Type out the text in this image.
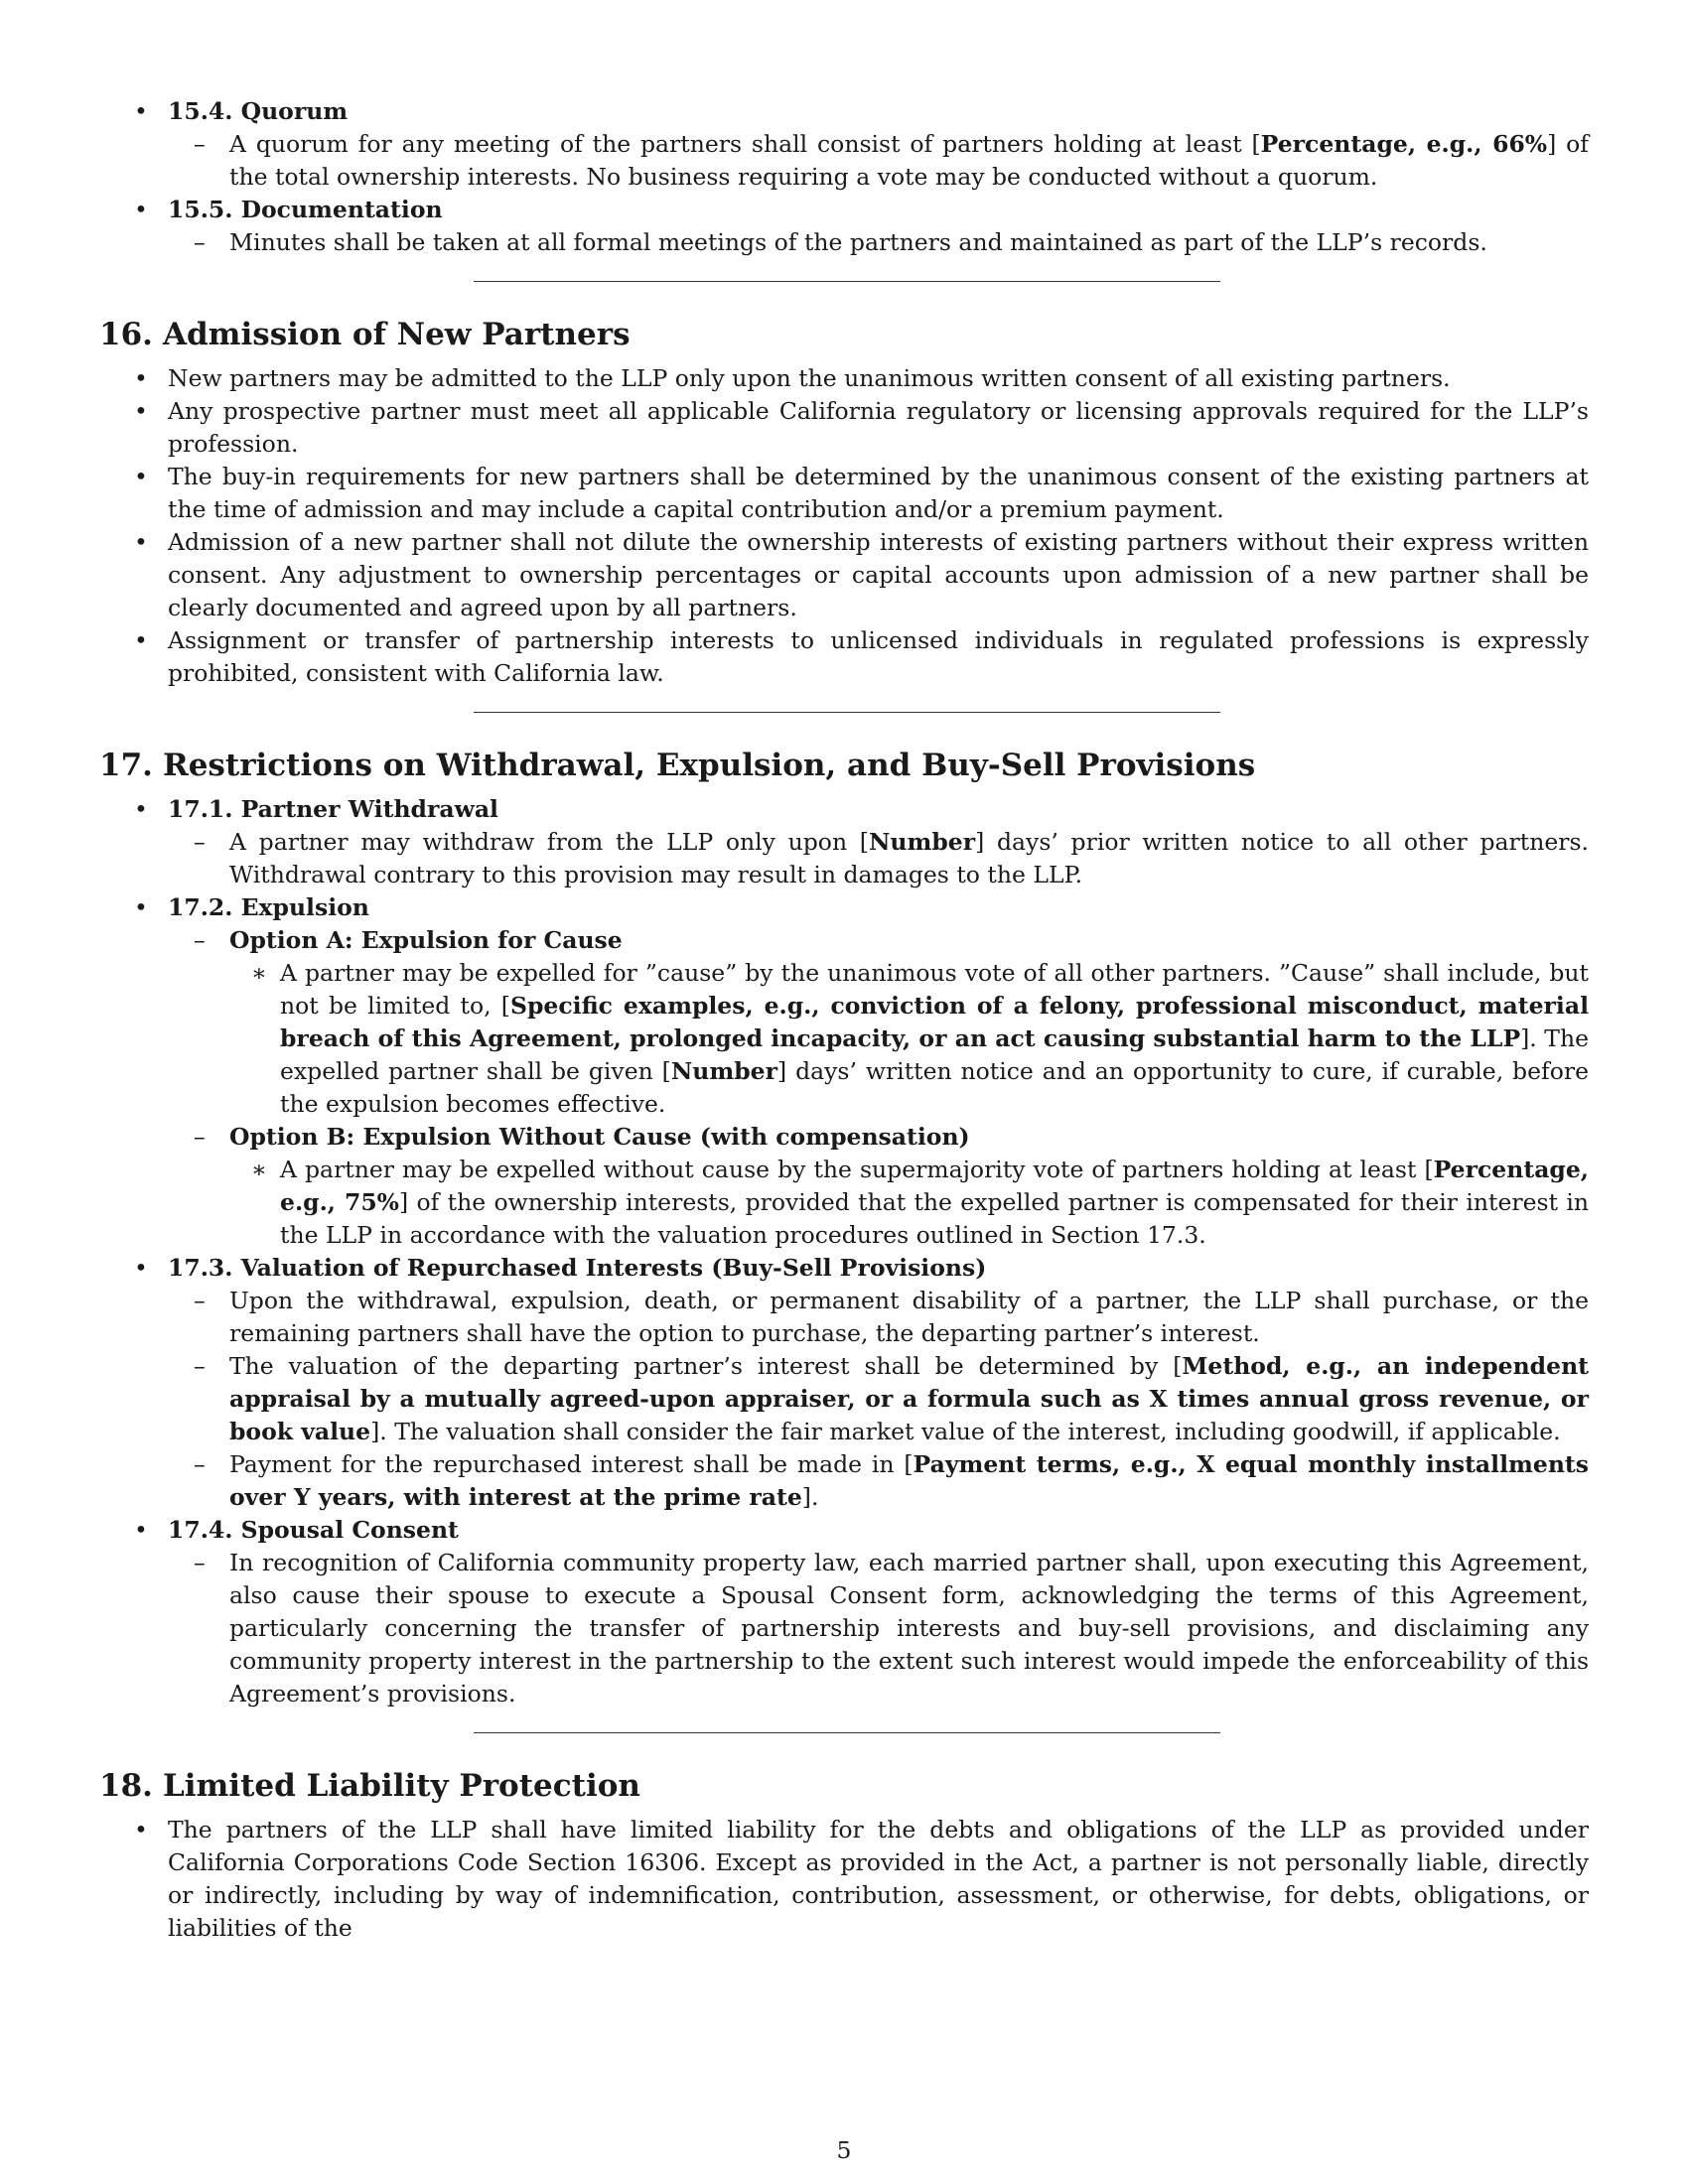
• 15.4. Quorum
– A quorum for any meeting of the partners shall consist of partners holding at least [Percentage, e.g., 66%] of the total ownership interests. No business requiring a vote may be conducted without a quorum.
• 15.5. Documentation
– Minutes shall be taken at all formal meetings of the partners and maintained as part of the LLP’s records.
16. Admission of New Partners
• New partners may be admitted to the LLP only upon the unanimous written consent of all existing partners.
• Any prospective partner must meet all applicable California regulatory or licensing approvals required for the LLP’s profession.
• The buy-in requirements for new partners shall be determined by the unanimous consent of the existing partners at the time of admission and may include a capital contribution and/or a premium payment.
• Admission of a new partner shall not dilute the ownership interests of existing partners without their express written consent. Any adjustment to ownership percentages or capital accounts upon admission of a new partner shall be clearly documented and agreed upon by all partners.
• Assignment or transfer of partnership interests to unlicensed individuals in regulated professions is expressly prohibited, consistent with California law.
17. Restrictions on Withdrawal, Expulsion, and Buy-Sell Provisions
• 17.1. Partner Withdrawal
– A partner may withdraw from the LLP only upon [Number] days’ prior written notice to all other partners. Withdrawal contrary to this provision may result in damages to the LLP.
• 17.2. Expulsion
– Option A: Expulsion for Cause
∗ A partner may be expelled for ”cause” by the unanimous vote of all other partners. ”Cause” shall include, but not be limited to, [Specific examples, e.g., conviction of a felony, professional misconduct, material breach of this Agreement, prolonged incapacity, or an act causing substantial harm to the LLP]. The expelled partner shall be given [Number] days’ written notice and an opportunity to cure, if curable, before the expulsion becomes effective.
– Option B: Expulsion Without Cause (with compensation)
∗ A partner may be expelled without cause by the supermajority vote of partners holding at least [Percentage, e.g., 75%] of the ownership interests, provided that the expelled partner is compensated for their interest in the LLP in accordance with the valuation procedures outlined in Section 17.3.
• 17.3. Valuation of Repurchased Interests (Buy-Sell Provisions)
– Upon the withdrawal, expulsion, death, or permanent disability of a partner, the LLP shall purchase, or the remaining partners shall have the option to purchase, the departing partner’s interest.
– The valuation of the departing partner’s interest shall be determined by [Method, e.g., an independent appraisal by a mutually agreed-upon appraiser, or a formula such as X times annual gross revenue, or book value]. The valuation shall consider the fair market value of the interest, including goodwill, if applicable.
– Payment for the repurchased interest shall be made in [Payment terms, e.g., X equal monthly installments over Y years, with interest at the prime rate].
• 17.4. Spousal Consent
– In recognition of California community property law, each married partner shall, upon executing this Agreement, also cause their spouse to execute a Spousal Consent form, acknowledging the terms of this Agreement, particularly concerning the transfer of partnership interests and buy-sell provisions, and disclaiming any community property interest in the partnership to the extent such interest would impede the enforceability of this Agreement’s provisions.
18. Limited Liability Protection
• The partners of the LLP shall have limited liability for the debts and obligations of the LLP as provided under California Corporations Code Section 16306. Except as provided in the Act, a partner is not personally liable, directly or indirectly, including by way of indemnification, contribution, assessment, or otherwise, for debts, obligations, or liabilities of the
5
